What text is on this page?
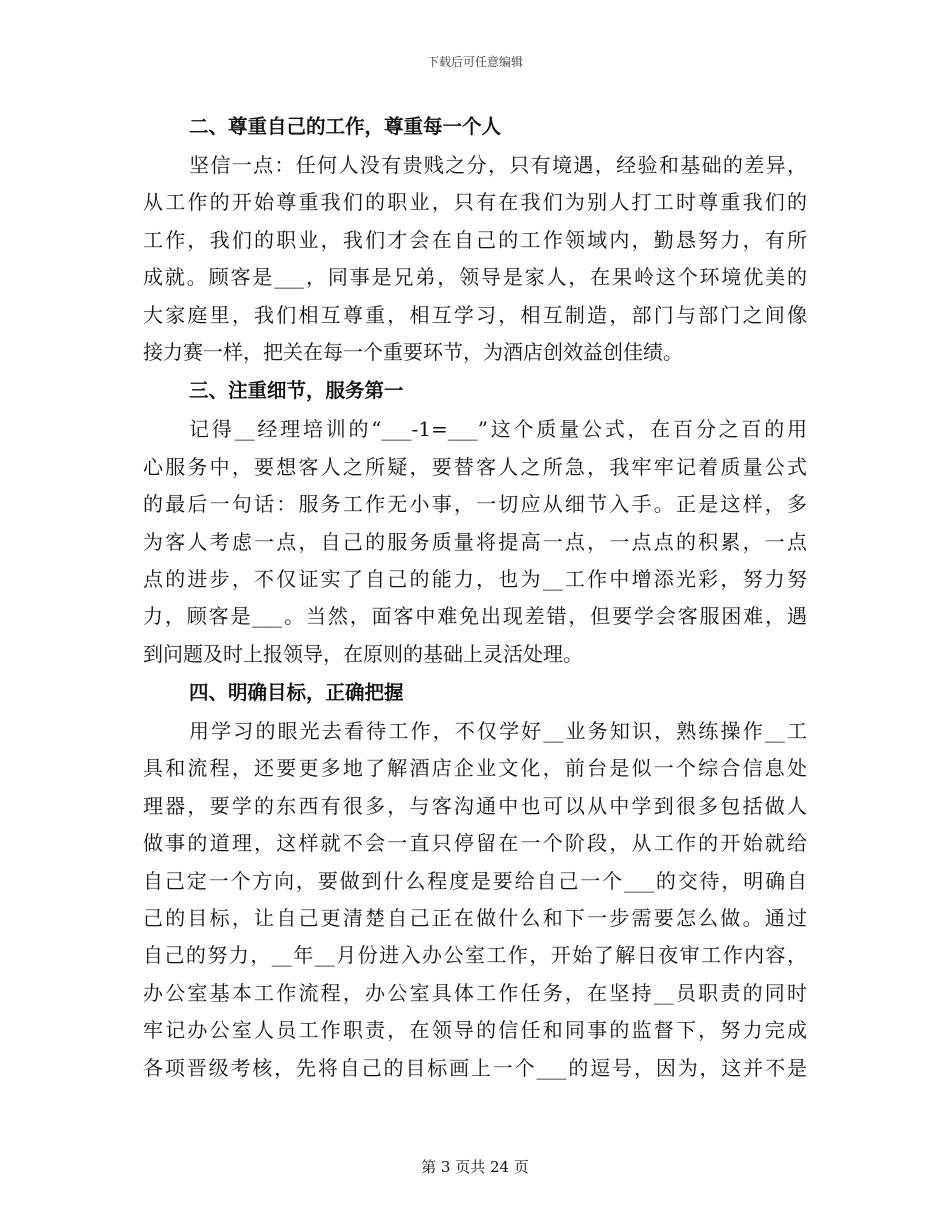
下载后可任意编辑
二、尊重自己的工作，尊重每一个人
坚信一点：任何人没有贵贱之分，只有境遇，经验和基础的差异，
从工作的开始尊重我们的职业，只有在我们为别人打工时尊重我们的
工作，我们的职业，我们才会在自己的工作领域内，勤恳努力，有所
成就。顾客是___，同事是兄弟，领导是家人，在果岭这个环境优美的
大家庭里，我们相互尊重，相互学习，相互制造，部门与部门之间像
接力赛一样，把关在每一个重要环节，为酒店创效益创佳绩。
三、注重细节，服务第一
记得__经理培训的“___-1=___”这个质量公式，在百分之百的用
心服务中，要想客人之所疑，要替客人之所急，我牢牢记着质量公式
的最后一句话：服务工作无小事，一切应从细节入手。正是这样，多
为客人考虑一点，自己的服务质量将提高一点，一点点的积累，一点
点的进步，不仅证实了自己的能力，也为__工作中增添光彩，努力努
力，顾客是___。当然，面客中难免出现差错，但要学会客服困难，遇
到问题及时上报领导，在原则的基础上灵活处理。
四、明确目标，正确把握
用学习的眼光去看待工作，不仅学好__业务知识，熟练操作__工
具和流程，还要更多地了解酒店企业文化，前台是似一个综合信息处
理器，要学的东西有很多，与客沟通中也可以从中学到很多包括做人
做事的道理，这样就不会一直只停留在一个阶段，从工作的开始就给
自己定一个方向，要做到什么程度是要给自己一个___的交待，明确自
己的目标，让自己更清楚自己正在做什么和下一步需要怎么做。通过
自己的努力，__年__月份进入办公室工作，开始了解日夜审工作内容，
办公室基本工作流程，办公室具体工作任务，在坚持__员职责的同时
牢记办公室人员工作职责，在领导的信任和同事的监督下，努力完成
各项晋级考核，先将自己的目标画上一个___的逗号，因为，这并不是
第 3 页共 24 页
